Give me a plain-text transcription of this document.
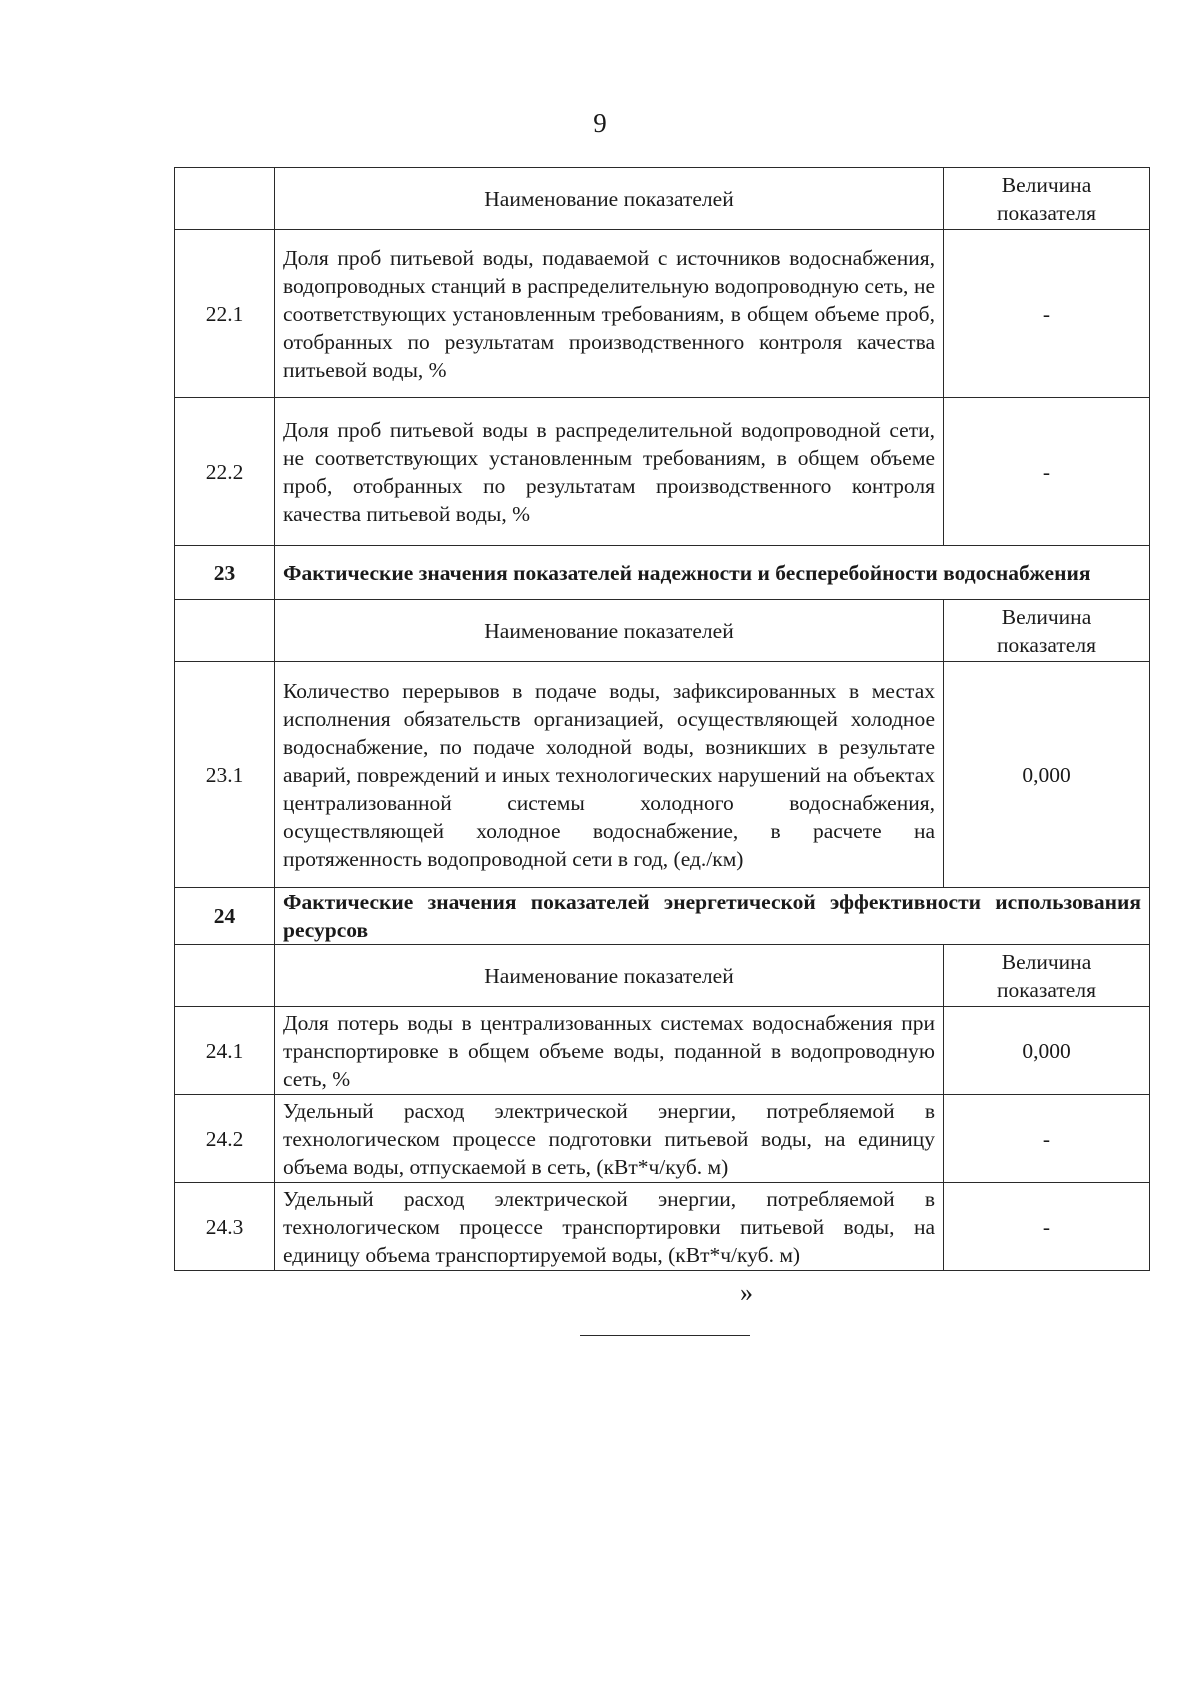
9
	Наименование показателей	Величина показателя
22.1	Доля проб питьевой воды, подаваемой с источников водоснабжения, водопроводных станций в распределительную водопроводную сеть, не соответствующих установленным требованиям, в общем объеме проб, отобранных по результатам производственного контроля качества питьевой воды, %	-
22.2	Доля проб питьевой воды в распределительной водопроводной сети, не соответствующих установленным требованиям, в общем объеме проб, отобранных по результатам производственного контроля качества питьевой воды, %	-
23	Фактические значения показателей надежности и бесперебойности водоснабжения	
	Наименование показателей	Величина показателя
23.1	Количество перерывов в подаче воды, зафиксированных в местах исполнения обязательств организацией, осуществляющей холодное водоснабжение, по подаче холодной воды, возникших в результате аварий, повреждений и иных технологических нарушений на объектах централизованной системы холодного водоснабжения, осуществляющей холодное водоснабжение, в расчете на протяженность водопроводной сети в год, (ед./км)	0,000
24	Фактические значения показателей энергетической эффективности использования ресурсов	
	Наименование показателей	Величина показателя
24.1	Доля потерь воды в централизованных системах водоснабжения при транспортировке в общем объеме воды, поданной в водопроводную сеть, %	0,000
24.2	Удельный расход электрической энергии, потребляемой в технологическом процессе подготовки питьевой воды, на единицу объема воды, отпускаемой в сеть, (кВт*ч/куб. м)	-
24.3	Удельный расход электрической энергии, потребляемой в технологическом процессе транспортировки питьевой воды, на единицу объема транспортируемой воды, (кВт*ч/куб. м)	-
»
